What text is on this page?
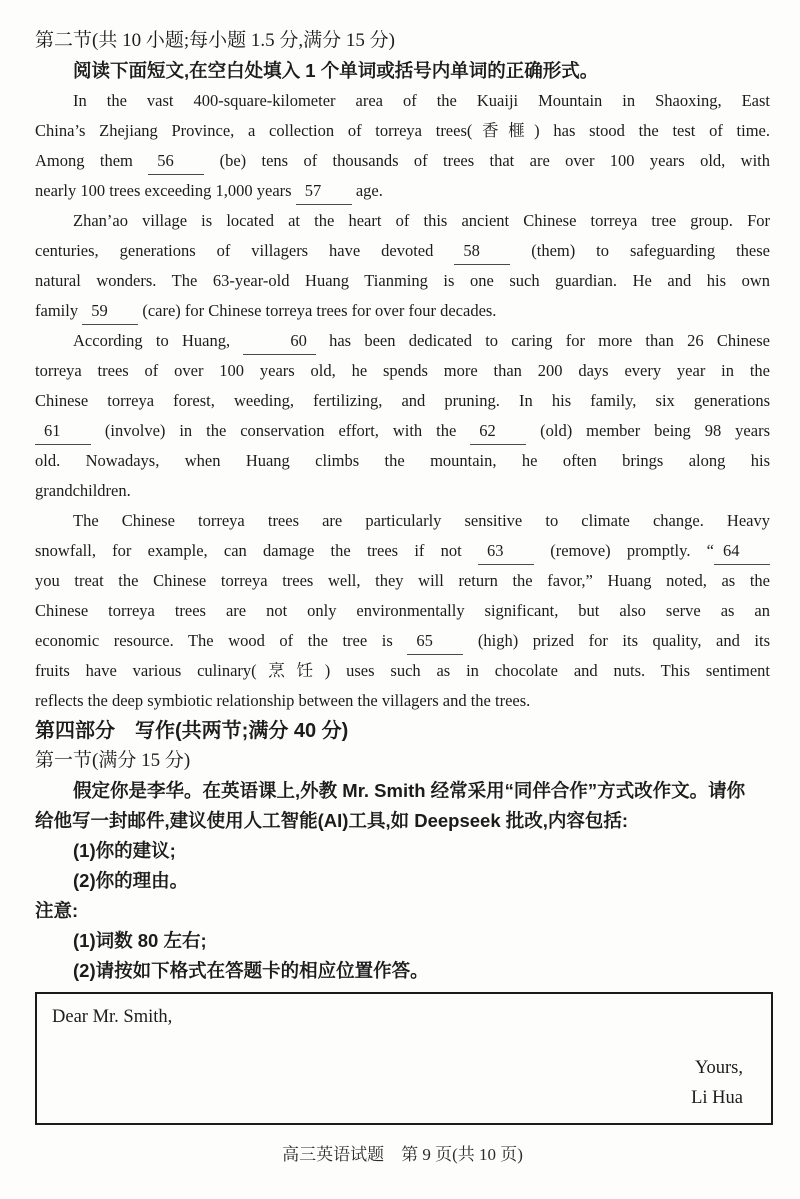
第二节(共 10 小题;每小题 1.5 分,满分 15 分)
阅读下面短文,在空白处填入 1 个单词或括号内单词的正确形式。
In the vast 400-square-kilometer area of the Kuaiji Mountain in Shaoxing, East
China’s Zhejiang Province, a collection of torreya trees(香榧) has stood the test of time.
Among them 56 (be) tens of thousands of trees that are over 100 years old, with
nearly 100 trees exceeding 1,000 years 57 age.
Zhan’ao village is located at the heart of this ancient Chinese torreya tree group. For
centuries, generations of villagers have devoted 58 (them) to safeguarding these
natural wonders. The 63-year-old Huang Tianming is one such guardian. He and his own
family 59 (care) for Chinese torreya trees for over four decades.
According to Huang,	60 has been dedicated to caring for more than 26 Chinese
torreya trees of over 100 years old, he spends more than 200 days every year in the
Chinese torreya forest, weeding, fertilizing, and pruning. In his family, six generations
61 (involve) in the conservation effort, with the 62 (old) member being 98 years
old. Nowadays, when Huang climbs the mountain, he often brings along his
grandchildren.
The Chinese torreya trees are particularly sensitive to climate change. Heavy
snowfall, for example, can damage the trees if not 63 (remove) promptly. “ 64
you treat the Chinese torreya trees well, they will return the favor,” Huang noted, as the
Chinese torreya trees are not only environmentally significant, but also serve as an
economic resource. The wood of the tree is 65 (high) prized for its quality, and its
fruits have various culinary(烹饪) uses such as in chocolate and nuts. This sentiment
reflects the deep symbiotic relationship between the villagers and the trees.
第四部分　写作(共两节;满分 40 分)
第一节(满分 15 分)
假定你是李华。在英语课上,外教 Mr. Smith 经常采用“同伴合作”方式改作文。请你
给他写一封邮件,建议使用人工智能(AI)工具,如 Deepseek 批改,内容包括:
(1)你的建议;
(2)你的理由。
注意:
(1)词数 80 左右;
(2)请按如下格式在答题卡的相应位置作答。
Dear Mr. Smith,
Yours,
Li Hua
高三英语试题　第 9 页(共 10 页)
